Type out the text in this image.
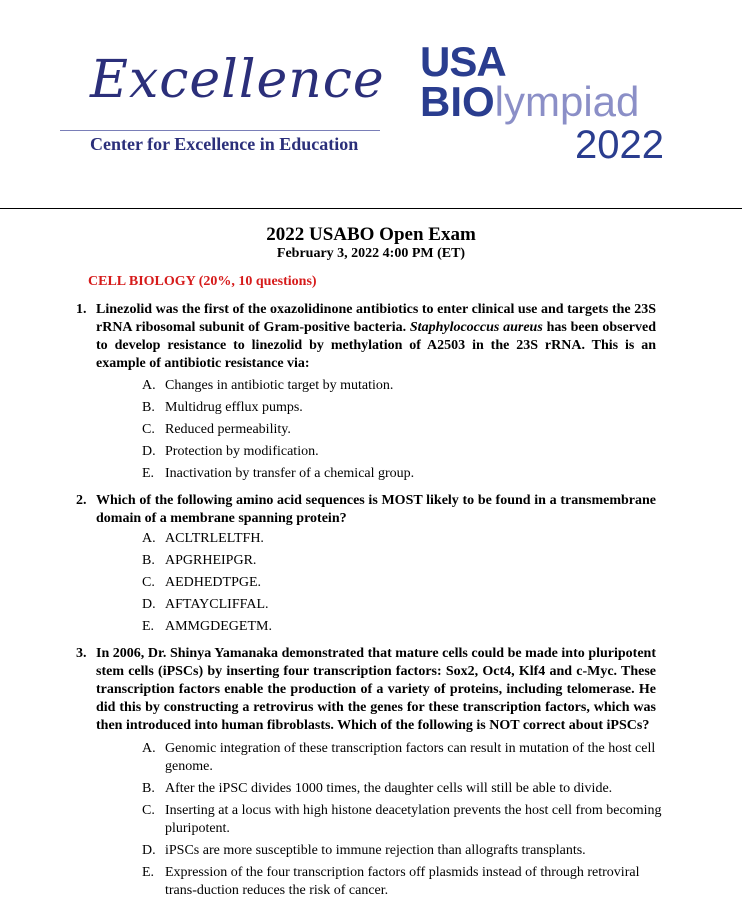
Excellence
Center for Excellence in Education
USA
BIOlympiad
2022
2022 USABO Open Exam
February 3, 2022 4:00 PM (ET)
CELL BIOLOGY (20%, 10 questions)
1. Linezolid was the first of the oxazolidinone antibiotics to enter clinical use and targets the 23S rRNA ribosomal subunit of Gram-positive bacteria. Staphylococcus aureus has been observed to develop resistance to linezolid by methylation of A2503 in the 23S rRNA. This is an example of antibiotic resistance via:
A. Changes in antibiotic target by mutation.
B. Multidrug efflux pumps.
C. Reduced permeability.
D. Protection by modification.
E. Inactivation by transfer of a chemical group.
2. Which of the following amino acid sequences is MOST likely to be found in a transmembrane domain of a membrane spanning protein?
A. ACLTRLELTFH.
B. APGRHEIPGR.
C. AEDHEDTPGE.
D. AFTAYCLIFFAL.
E. AMMGDEGETM.
3. In 2006, Dr. Shinya Yamanaka demonstrated that mature cells could be made into pluripotent stem cells (iPSCs) by inserting four transcription factors: Sox2, Oct4, Klf4 and c-Myc. These transcription factors enable the production of a variety of proteins, including telomerase. He did this by constructing a retrovirus with the genes for these transcription factors, which was then introduced into human fibroblasts. Which of the following is NOT correct about iPSCs?
A. Genomic integration of these transcription factors can result in mutation of the host cell genome.
B. After the iPSC divides 1000 times, the daughter cells will still be able to divide.
C. Inserting at a locus with high histone deacetylation prevents the host cell from becoming pluripotent.
D. iPSCs are more susceptible to immune rejection than allografts transplants.
E. Expression of the four transcription factors off plasmids instead of through retroviral trans-duction reduces the risk of cancer.
